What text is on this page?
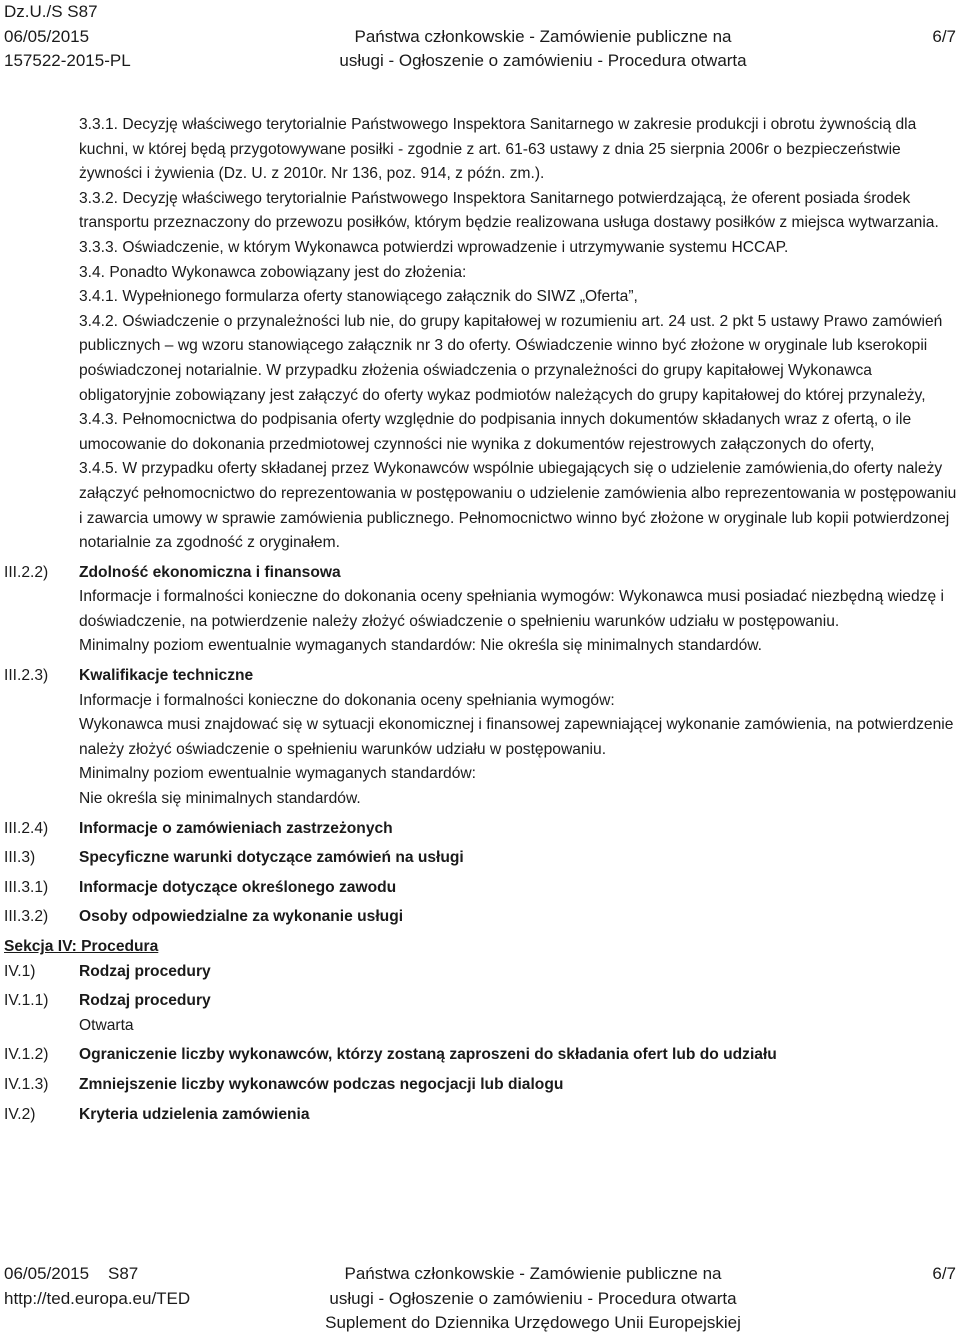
Dz.U./S S87
06/05/2015
157522-2015-PL
Państwa członkowskie - Zamówienie publiczne na
usługi - Ogłoszenie o zamówieniu - Procedura otwarta
6/7

3.3.1. Decyzję właściwego terytorialnie Państwowego Inspektora Sanitarnego w zakresie produkcji i obrotu żywnością dla kuchni, w której będą przygotowywane posiłki - zgodnie z art. 61-63 ustawy z dnia 25 sierpnia 2006r o bezpieczeństwie żywności i żywienia (Dz. U. z 2010r. Nr 136, poz. 914, z późn. zm.).

3.3.2. Decyzję właściwego terytorialnie Państwowego Inspektora Sanitarnego potwierdzającą, że oferent posiada środek transportu przeznaczony do przewozu posiłków, którym będzie realizowana usługa dostawy posiłków z miejsca wytwarzania.

3.3.3. Oświadczenie, w którym Wykonawca potwierdzi wprowadzenie i utrzymywanie systemu HCCAP.

3.4. Ponadto Wykonawca zobowiązany jest do złożenia:

3.4.1. Wypełnionego formularza oferty stanowiącego załącznik do SIWZ „Oferta”,

3.4.2. Oświadczenie o przynależności lub nie, do grupy kapitałowej w rozumieniu art. 24 ust. 2 pkt 5 ustawy Prawo zamówień publicznych – wg wzoru stanowiącego załącznik nr 3 do oferty. Oświadczenie winno być złożone w oryginale lub kserokopii poświadczonej notarialnie. W przypadku złożenia oświadczenia o przynależności do grupy kapitałowej Wykonawca obligatoryjnie zobowiązany jest załączyć do oferty wykaz podmiotów należących do grupy kapitałowej do której przynależy,

3.4.3. Pełnomocnictwa do podpisania oferty względnie do podpisania innych dokumentów składanych wraz z ofertą, o ile umocowanie do dokonania przedmiotowej czynności nie wynika z dokumentów rejestrowych załączonych do oferty,

3.4.5. W przypadku oferty składanej przez Wykonawców wspólnie ubiegających się o udzielenie zamówienia,do oferty należy załączyć pełnomocnictwo do reprezentowania w postępowaniu o udzielenie zamówienia albo reprezentowania w postępowaniu i zawarcia umowy w sprawie zamówienia publicznego. Pełnomocnictwo winno być złożone w oryginale lub kopii potwierdzonej notarialnie za zgodność z oryginałem.

III.2.2)	Zdolność ekonomiczna i finansowa
Informacje i formalności konieczne do dokonania oceny spełniania wymogów: Wykonawca musi posiadać niezbędną wiedzę i doświadczenie, na potwierdzenie należy złożyć oświadczenie o spełnieniu warunków udziału w postępowaniu.
Minimalny poziom ewentualnie wymaganych standardów: Nie określa się minimalnych standardów.
III.2.3)	Kwalifikacje techniczne
Informacje i formalności konieczne do dokonania oceny spełniania wymogów:
Wykonawca musi znajdować się w sytuacji ekonomicznej i finansowej zapewniającej wykonanie zamówienia, na potwierdzenie należy złożyć oświadczenie o spełnieniu warunków udziału w postępowaniu.
Minimalny poziom ewentualnie wymaganych standardów:
Nie określa się minimalnych standardów.
III.2.4)	Informacje o zamówieniach zastrzeżonych
III.3)	Specyficzne warunki dotyczące zamówień na usługi
III.3.1)	Informacje dotyczące określonego zawodu
III.3.2)	Osoby odpowiedzialne za wykonanie usługi
Sekcja IV: Procedura
IV.1)	Rodzaj procedury
IV.1.1)	Rodzaj procedury
Otwarta
IV.1.2)	Ograniczenie liczby wykonawców, którzy zostaną zaproszeni do składania ofert lub do udziału
IV.1.3)	Zmniejszenie liczby wykonawców podczas negocjacji lub dialogu
IV.2)	Kryteria udzielenia zamówienia
06/05/2015 S87
http://ted.europa.eu/TED
Państwa członkowskie - Zamówienie publiczne na
usługi - Ogłoszenie o zamówieniu - Procedura otwarta
Suplement do Dziennika Urzędowego Unii Europejskiej
6/7
